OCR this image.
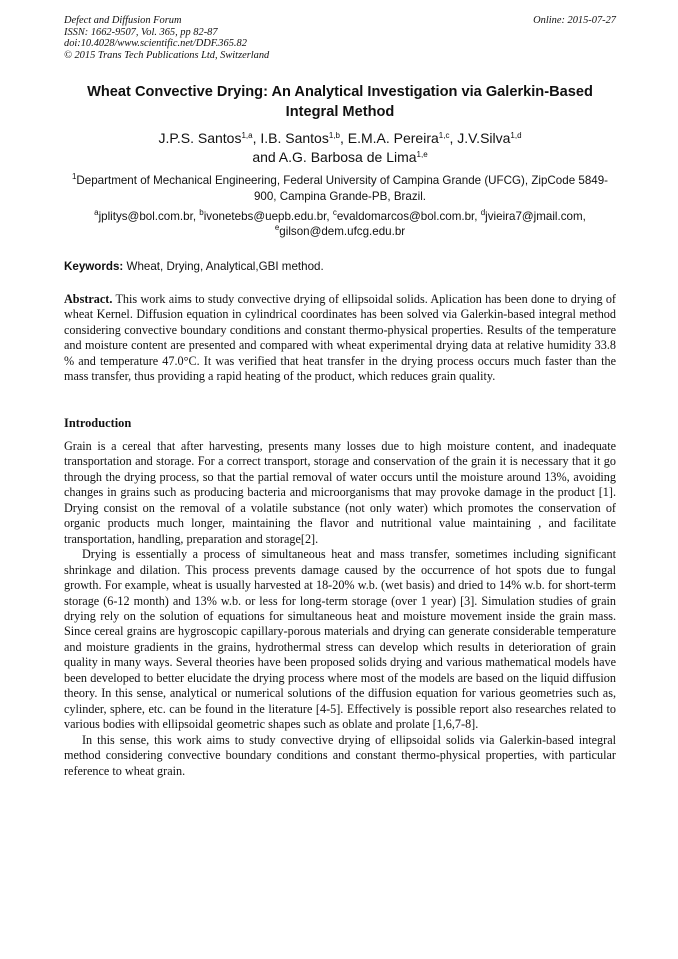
Defect and Diffusion Forum
ISSN: 1662-9507, Vol. 365, pp 82-87
doi:10.4028/www.scientific.net/DDF.365.82
© 2015 Trans Tech Publications Ltd, Switzerland
Online: 2015-07-27
Wheat Convective Drying: An Analytical Investigation via Galerkin-Based Integral Method
J.P.S. Santos$^{1,a}$, I.B. Santos$^{1,b}$, E.M.A. Pereira$^{1,c}$, J.V.Silva$^{1,d}$
and A.G. Barbosa de Lima$^{1,e}$
$^1$Department of Mechanical Engineering, Federal University of Campina Grande (UFCG), ZipCode 5849-900, Campina Grande-PB, Brazil.
$^a$jplitys@bol.com.br, $^b$ivonetebs@uepb.edu.br, $^c$evaldomarcos@bol.com.br, $^d$jvieira7@jmail.com,
$^e$gilson@dem.ufcg.edu.br
Keywords: Wheat, Drying, Analytical,GBI method.
Abstract. This work aims to study convective drying of ellipsoidal solids. Aplication has been done to drying of wheat Kernel. Diffusion equation in cylindrical coordinates has been solved via Galerkin-based integral method considering convective boundary conditions and constant thermo-physical properties. Results of the temperature and moisture content are presented and compared with wheat experimental drying data at relative humidity 33.8 % and temperature 47.0°C. It was verified that heat transfer in the drying process occurs much faster than the mass transfer, thus providing a rapid heating of the product, which reduces grain quality.
Introduction

Grain is a cereal that after harvesting, presents many losses due to high moisture content, and inadequate transportation and storage. For a correct transport, storage and conservation of the grain it is necessary that it go through the drying process, so that the partial removal of water occurs until the moisture around 13%, avoiding changes in grains such as producing bacteria and microorganisms that may provoke damage in the product [1]. Drying consist on the removal of a volatile substance (not only water) which promotes the conservation of organic products much longer, maintaining the flavor and nutritional value maintaining , and facilitate transportation, handling, preparation and storage[2].

Drying is essentially a process of simultaneous heat and mass transfer, sometimes including significant shrinkage and dilation. This process prevents damage caused by the occurrence of hot spots due to fungal growth. For example, wheat is usually harvested at 18-20% w.b. (wet basis) and dried to 14% w.b. for short-term storage (6-12 month) and 13% w.b. or less for long-term storage (over 1 year) [3]. Simulation studies of grain drying rely on the solution of equations for simultaneous heat and moisture movement inside the grain mass. Since cereal grains are hygroscopic capillary-porous materials and drying can generate considerable temperature and moisture gradients in the grains, hydrothermal stress can develop which results in deterioration of grain quality in many ways. Several theories have been proposed solids drying and various mathematical models have been developed to better elucidate the drying process where most of the models are based on the liquid diffusion theory. In this sense, analytical or numerical solutions of the diffusion equation for various geometries such as, cylinder, sphere, etc. can be found in the literature [4-5]. Effectively is possible report also researches related to various bodies with ellipsoidal geometric shapes such as oblate and prolate [1,6,7-8].

In this sense, this work aims to study convective drying of ellipsoidal solids via Galerkin-based integral method considering convective boundary conditions and constant thermo-physical properties, with particular reference to wheat grain.
